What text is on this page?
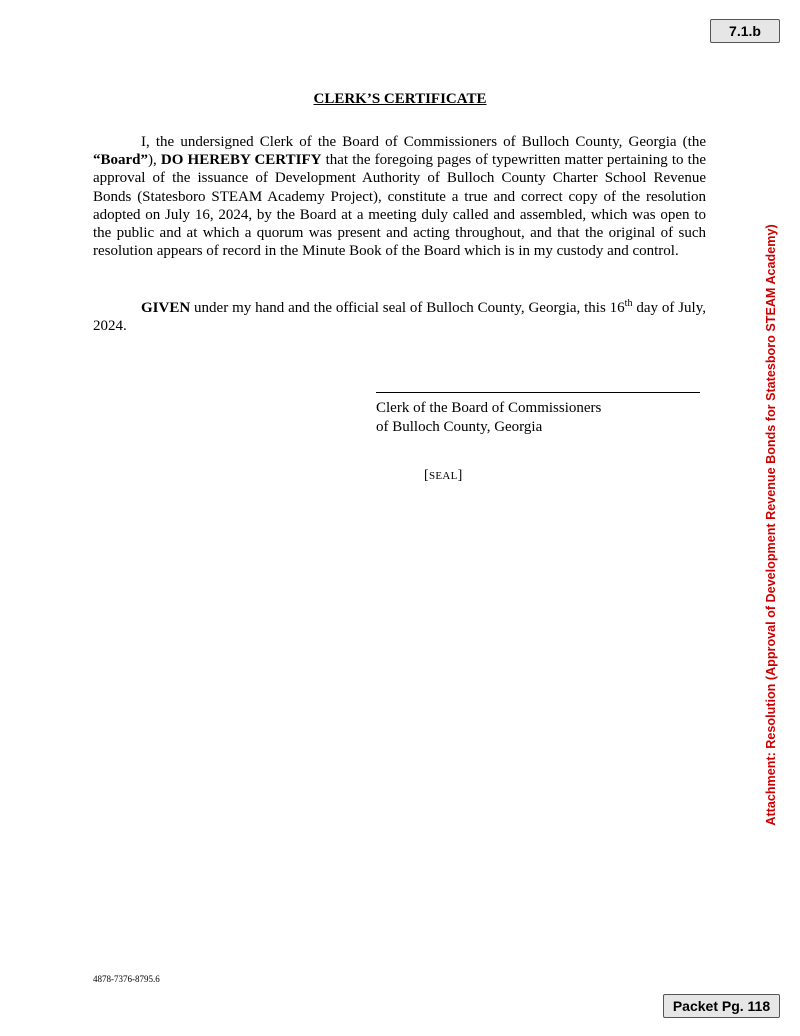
7.1.b
CLERK’S CERTIFICATE

I, the undersigned Clerk of the Board of Commissioners of Bulloch County, Georgia (the “Board”), DO HEREBY CERTIFY that the foregoing pages of typewritten matter pertaining to the approval of the issuance of Development Authority of Bulloch County Charter School Revenue Bonds (Statesboro STEAM Academy Project), constitute a true and correct copy of the resolution adopted on July 16, 2024, by the Board at a meeting duly called and assembled, which was open to the public and at which a quorum was present and acting throughout, and that the original of such resolution appears of record in the Minute Book of the Board which is in my custody and control.

GIVEN under my hand and the official seal of Bulloch County, Georgia, this 16th day of July, 2024.

Clerk of the Board of Commissioners
of Bulloch County, Georgia
[SEAL]
4878-7376-8795.6
Attachment: Resolution (Approval of Development Revenue Bonds for Statesboro STEAM Academy)
Packet Pg. 118
